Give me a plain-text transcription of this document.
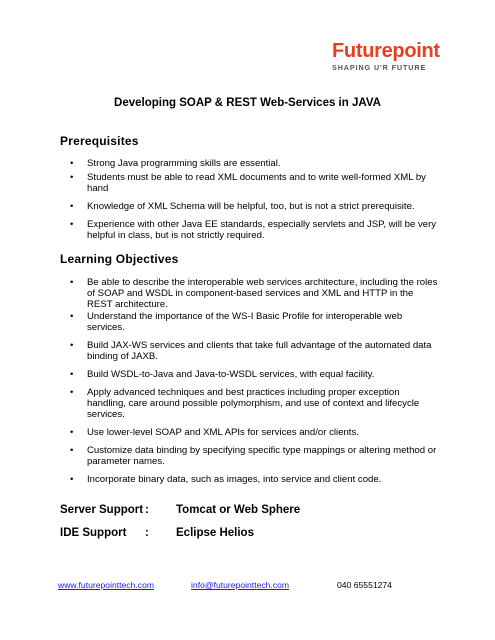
Futurepoint
SHAPING U'R FUTURE
Developing SOAP & REST Web-Services in JAVA
Prerequisites
• Strong Java programming skills are essential.
• Students must be able to read XML documents and to write well-formed XML by hand
• Knowledge of XML Schema will be helpful, too, but is not a strict prerequisite.
• Experience with other Java EE standards, especially servlets and JSP, will be very helpful in class, but is not strictly required.
Learning Objectives
• Be able to describe the interoperable web services architecture, including the roles of SOAP and WSDL in component-based services and XML and HTTP in the REST architecture.
• Understand the importance of the WS-I Basic Profile for interoperable web services.
• Build JAX-WS services and clients that take full advantage of the automated data binding of JAXB.
• Build WSDL-to-Java and Java-to-WSDL services, with equal facility.
• Apply advanced techniques and best practices including proper exception handling, care around possible polymorphism, and use of context and lifecycle services.
• Use lower-level SOAP and XML APIs for services and/or clients.
• Customize data binding by specifying specific type mappings or altering method or parameter names.
• Incorporate binary data, such as images, into service and client code.
Server Support : Tomcat or Web Sphere
IDE Support : Eclipse Helios
www.futurepointtech.com	info@futurepointtech.com	040 65551274
